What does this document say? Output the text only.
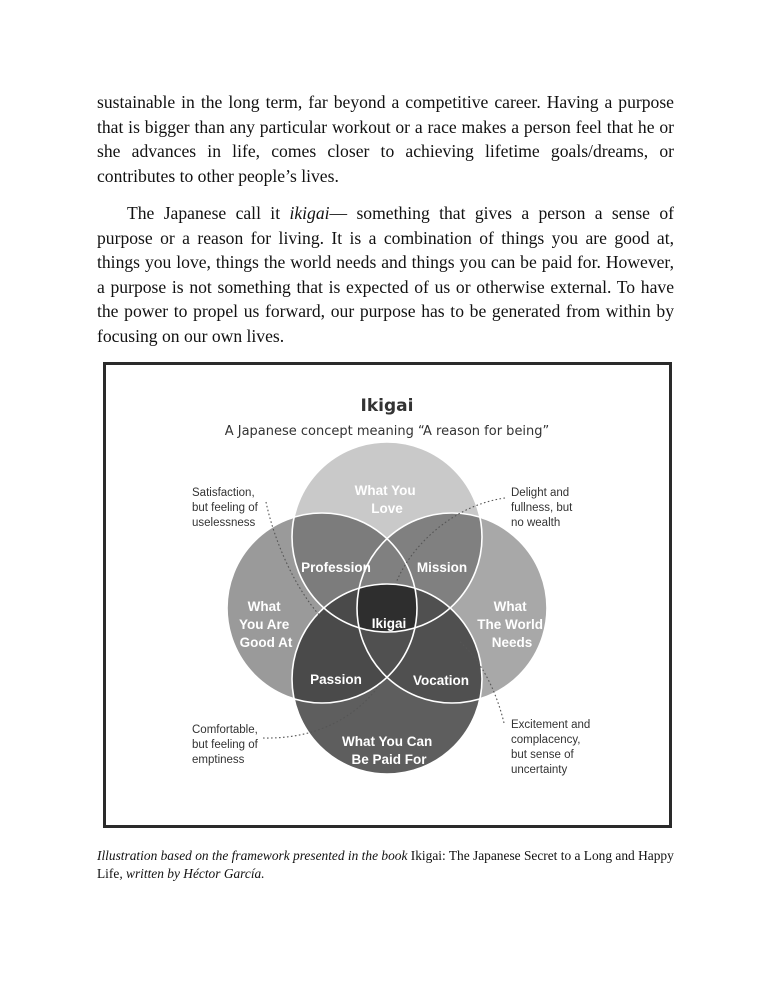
sustainable in the long term, far beyond a competitive career. Having a purpose that is bigger than any particular workout or a race makes a person feel that he or she advances in life, comes closer to achieving lifetime goals/dreams, or contributes to other people’s lives.

The Japanese call it ikigai— something that gives a person a sense of purpose or a reason for living. It is a combination of things you are good at, things you love, things the world needs and things you can be paid for. However, a purpose is not something that is expected of us or otherwise external. To have the power to propel us forward, our purpose has to be generated from within by focusing on our own lives.

Ikigai
A Japanese concept meaning “A reason for being”
What You Love
What You Are Good At
What The World Needs
What You Can Be Paid For
Profession	Mission
Passion	Vocation
Ikigai
Satisfaction, but feeling of uselessness
Delight and fullness, but no wealth
Comfortable, but feeling of emptiness
Excitement and complacency, but sense of uncertainty

Illustration based on the framework presented in the book Ikigai: The Japanese Secret to a Long and Happy Life, written by Héctor García.
